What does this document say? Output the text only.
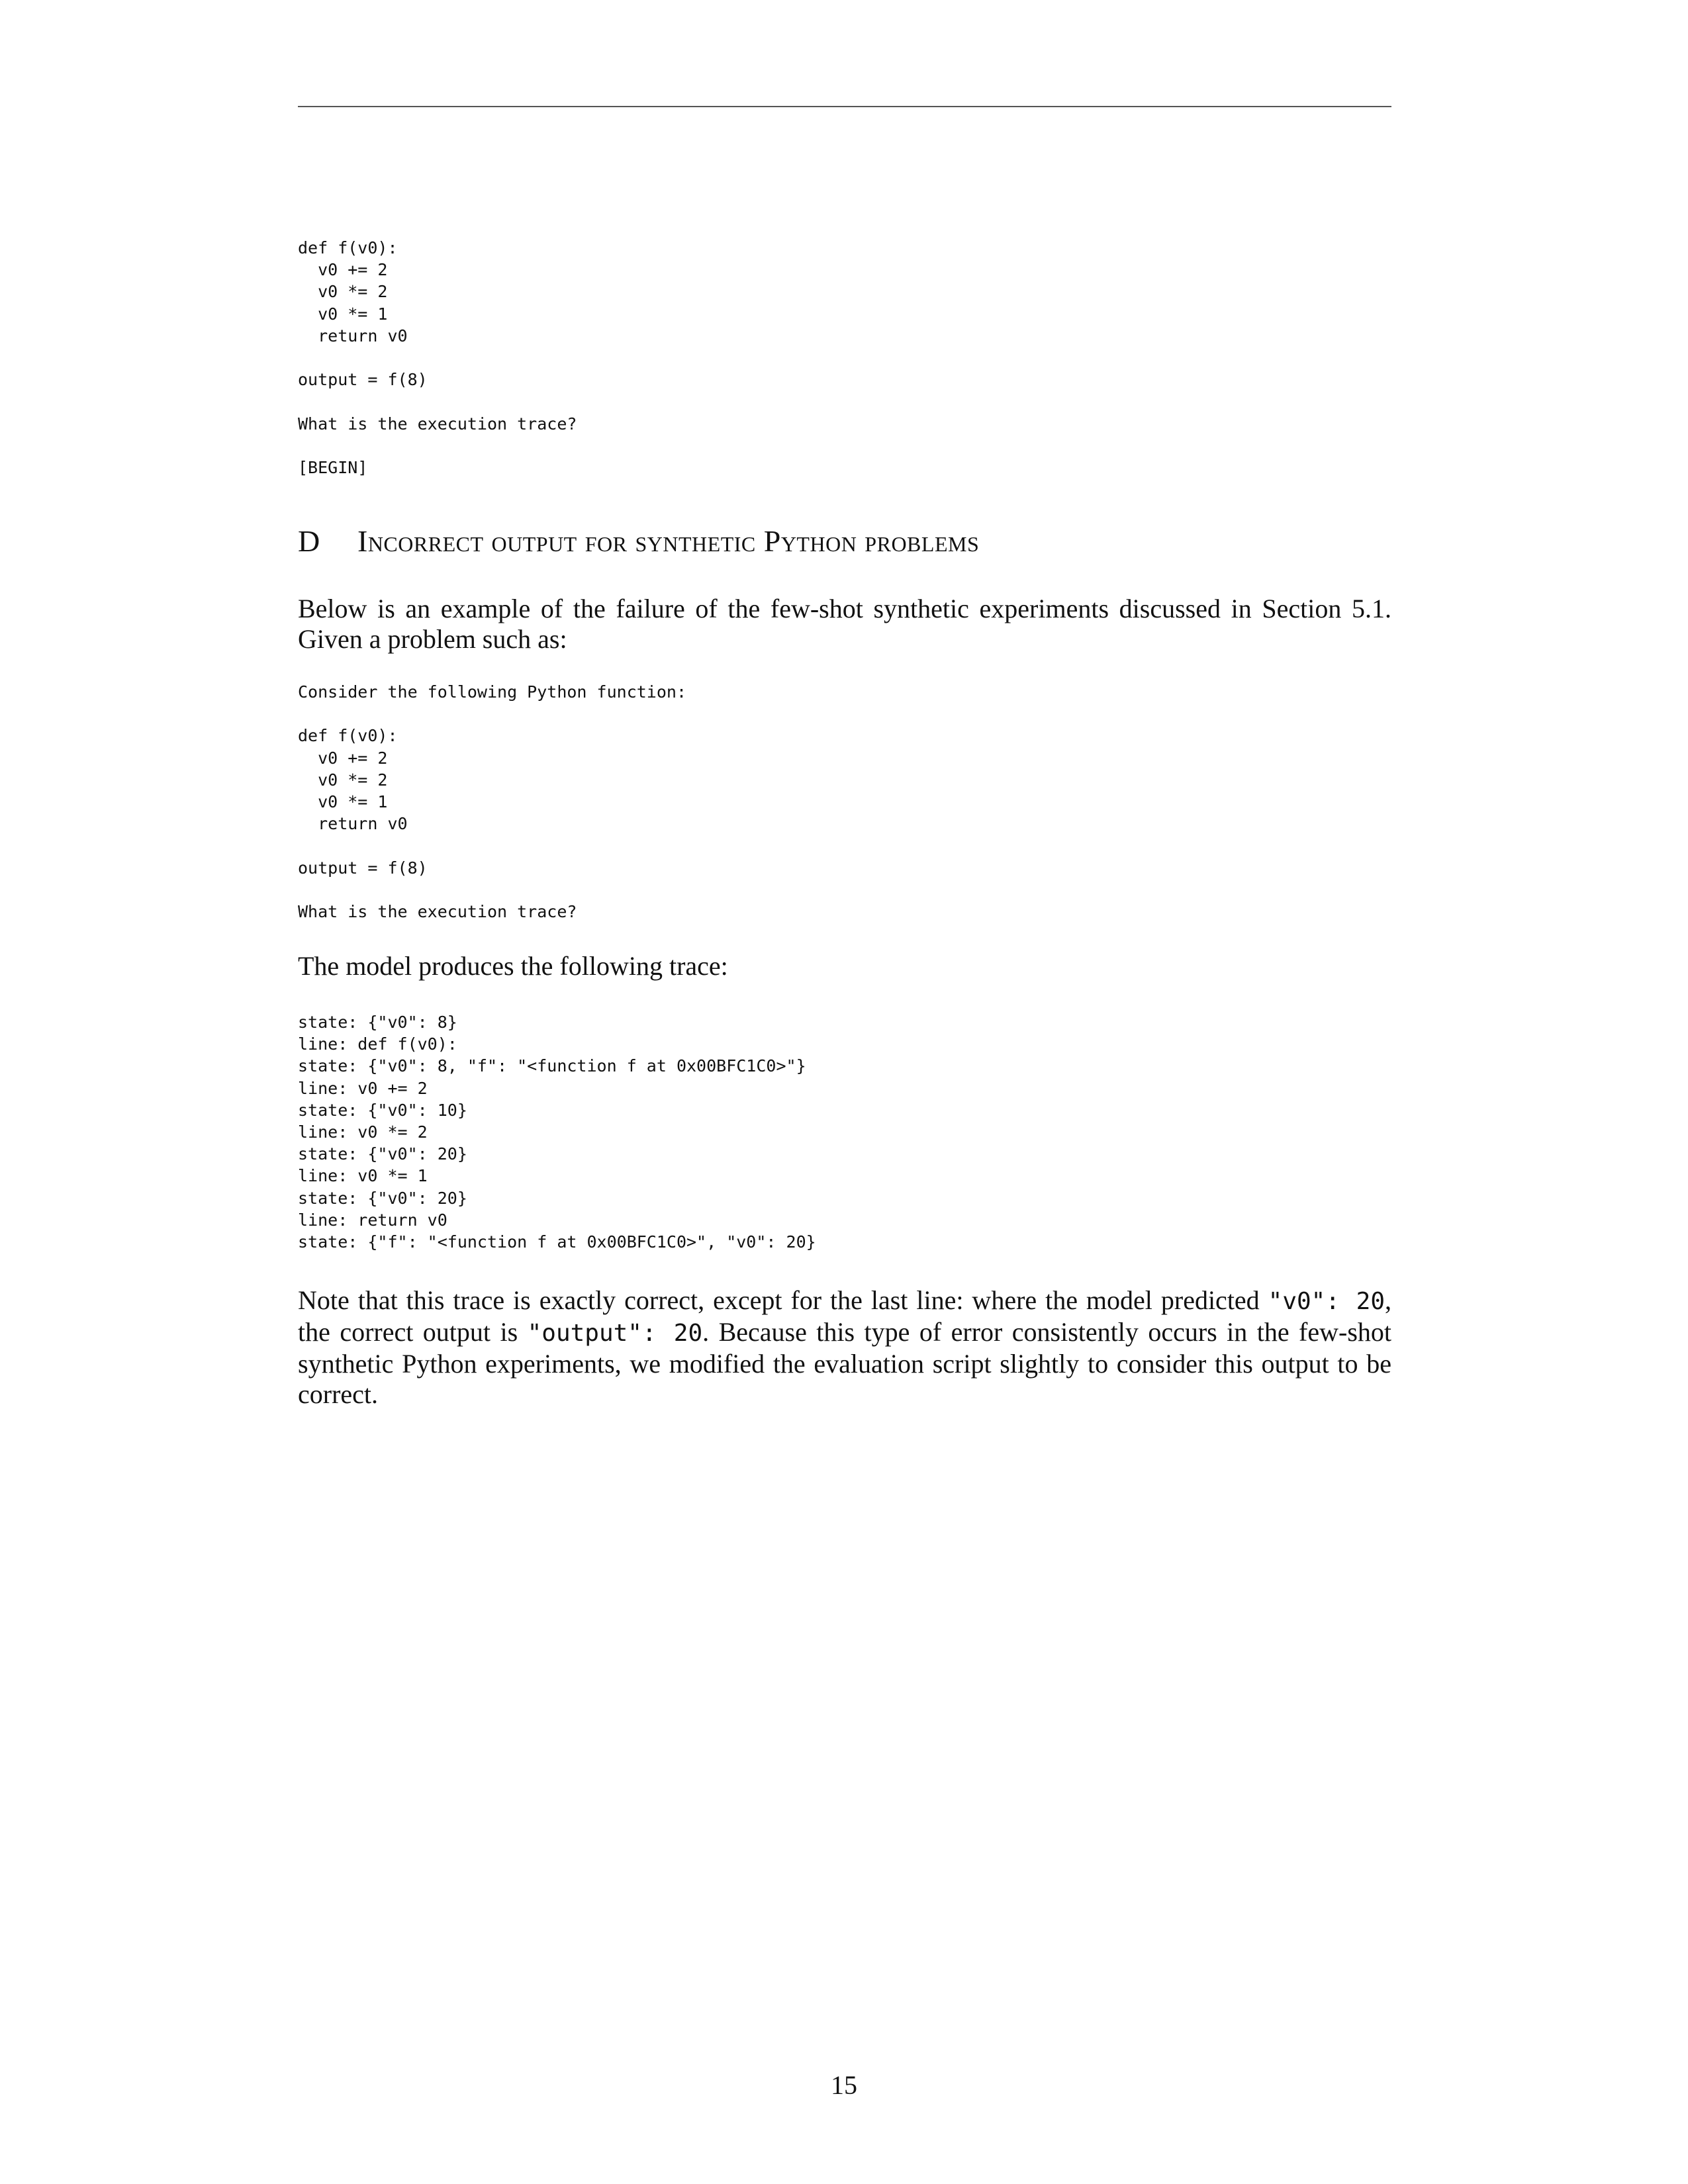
def f(v0):
v0 += 2
v0 *= 2
v0 *= 1
return v0

output = f(8)

What is the execution trace?

[BEGIN]
D Incorrect output for synthetic Python problems

Below is an example of the failure of the few-shot synthetic experiments discussed in Section 5.1. Given a problem such as:

Consider the following Python function:

def f(v0):
v0 += 2
v0 *= 2
v0 *= 1
return v0

output = f(8)

What is the execution trace?

The model produces the following trace:

state: {"v0": 8}
line: def f(v0):
state: {"v0": 8, "f": "<function f at 0x00BFC1C0>"}
line: v0 += 2
state: {"v0": 10}
line: v0 *= 2
state: {"v0": 20}
line: v0 *= 1
state: {"v0": 20}
line: return v0
state: {"f": "<function f at 0x00BFC1C0>", "v0": 20}

Note that this trace is exactly correct, except for the last line: where the model predicted "v0": 20, the correct output is "output": 20. Because this type of error consistently occurs in the few-shot synthetic Python experiments, we modified the evaluation script slightly to consider this output to be correct.

15
